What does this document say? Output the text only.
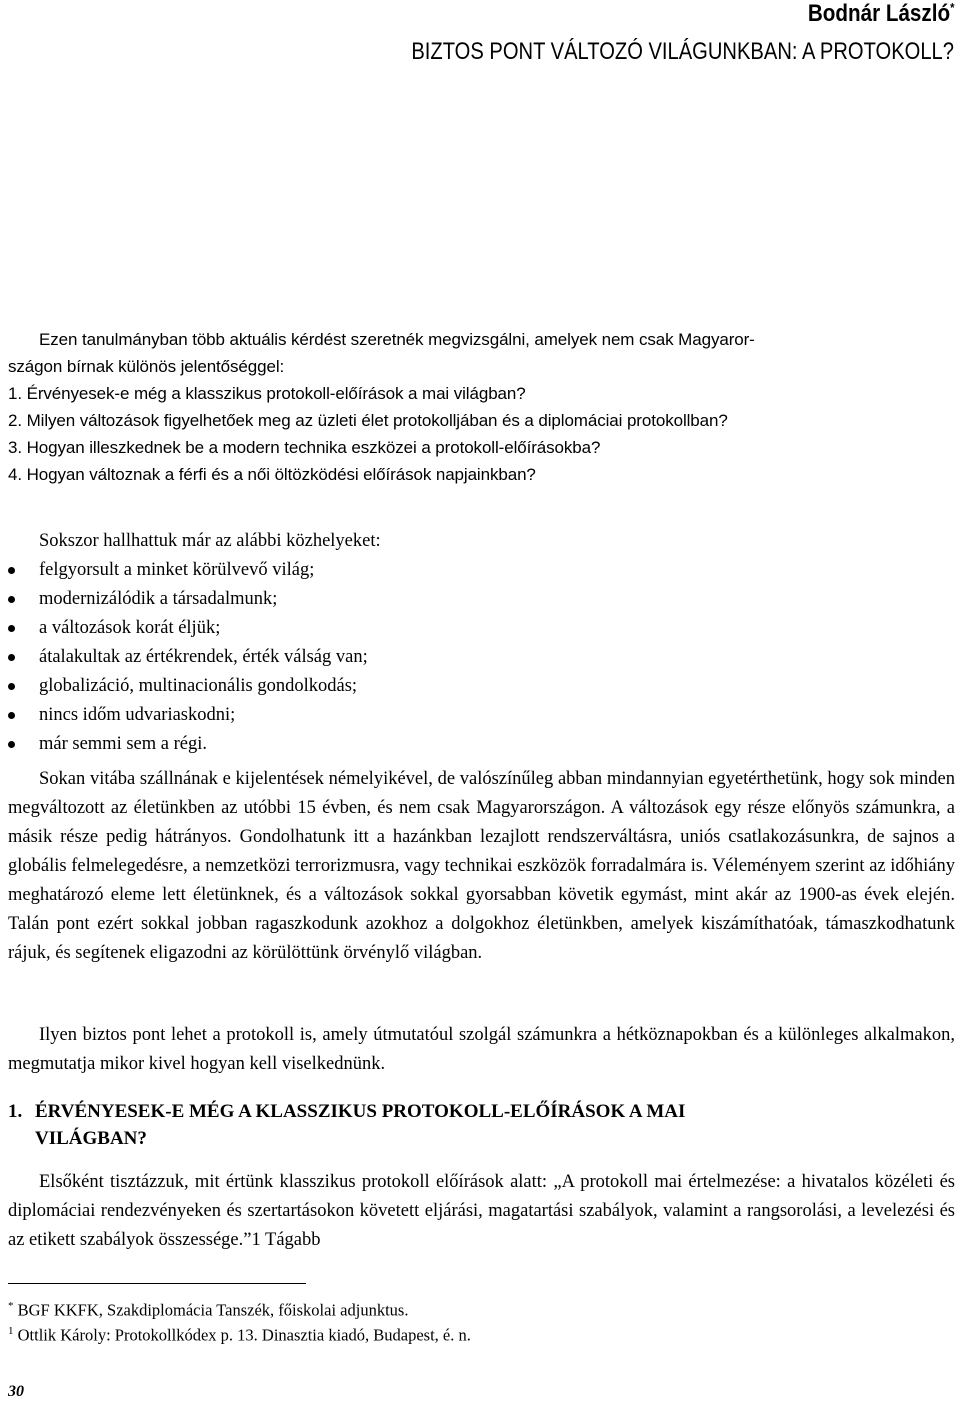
Bodnár László*
BIZTOS PONT VÁLTOZÓ VILÁGUNKBAN: A PROTOKOLL?
Ezen tanulmányban több aktuális kérdést szeretnék megvizsgálni, amelyek nem csak Magyaror-
szágon bírnak különös jelentőséggel:
1. Érvényesek-e még a klasszikus protokoll-előírások a mai világban?
2. Milyen változások figyelhetőek meg az üzleti élet protokolljában és a diplomáciai protokollban?
3. Hogyan illeszkednek be a modern technika eszközei a protokoll-előírásokba?
4. Hogyan változnak a férfi és a női öltözködési előírások napjainkban?
Sokszor hallhattuk már az alábbi közhelyeket:
felgyorsult a minket körülvevő világ;
modernizálódik a társadalmunk;
a változások korát éljük;
átalakultak az értékrendek, érték válság van;
globalizáció, multinacionális gondolkodás;
nincs időm udvariaskodni;
már semmi sem a régi.
Sokan vitába szállnának e kijelentések némelyikével, de valószínűleg abban mindannyian egyetérthetünk, hogy sok minden megváltozott az életünkben az utóbbi 15 évben, és nem csak Magyarországon. A változások egy része előnyös számunkra, a másik része pedig hátrányos. Gondolhatunk itt a hazánkban lezajlott rendszerváltásra, uniós csatlakozásunkra, de sajnos a globális felmelegedésre, a nemzetközi terrorizmusra, vagy technikai eszközök forradalmára is. Véleményem szerint az időhiány meghatározó eleme lett életünknek, és a változások sokkal gyorsabban követik egymást, mint akár az 1900-as évek elején. Talán pont ezért sokkal jobban ragaszkodunk azokhoz a dolgokhoz életünkben, amelyek kiszámíthatóak, támaszkodhatunk rájuk, és segítenek eligazodni az körülöttünk örvénylő világban.
Ilyen biztos pont lehet a protokoll is, amely útmutatóul szolgál számunkra a hétköznapokban és a különleges alkalmakon, megmutatja mikor kivel hogyan kell viselkednünk.
1. ÉRVÉNYESEK-E MÉG A KLASSZIKUS PROTOKOLL-ELŐÍRÁSOK A MAI
VILÁGBAN?
Elsőként tisztázzuk, mit értünk klasszikus protokoll előírások alatt: „A protokoll mai értelmezése: a hivatalos közéleti és diplomáciai rendezvényeken és szertartásokon követett eljárási, magatartási szabályok, valamint a rangsorolási, a levelezési és az etikett szabályok összessége.”1 Tágabb
* BGF KKFK, Szakdiplomácia Tanszék, főiskolai adjunktus.
$^1$ Ottlik Károly: Protokollkódex p. 13. Dinasztia kiadó, Budapest, é. n.
30
